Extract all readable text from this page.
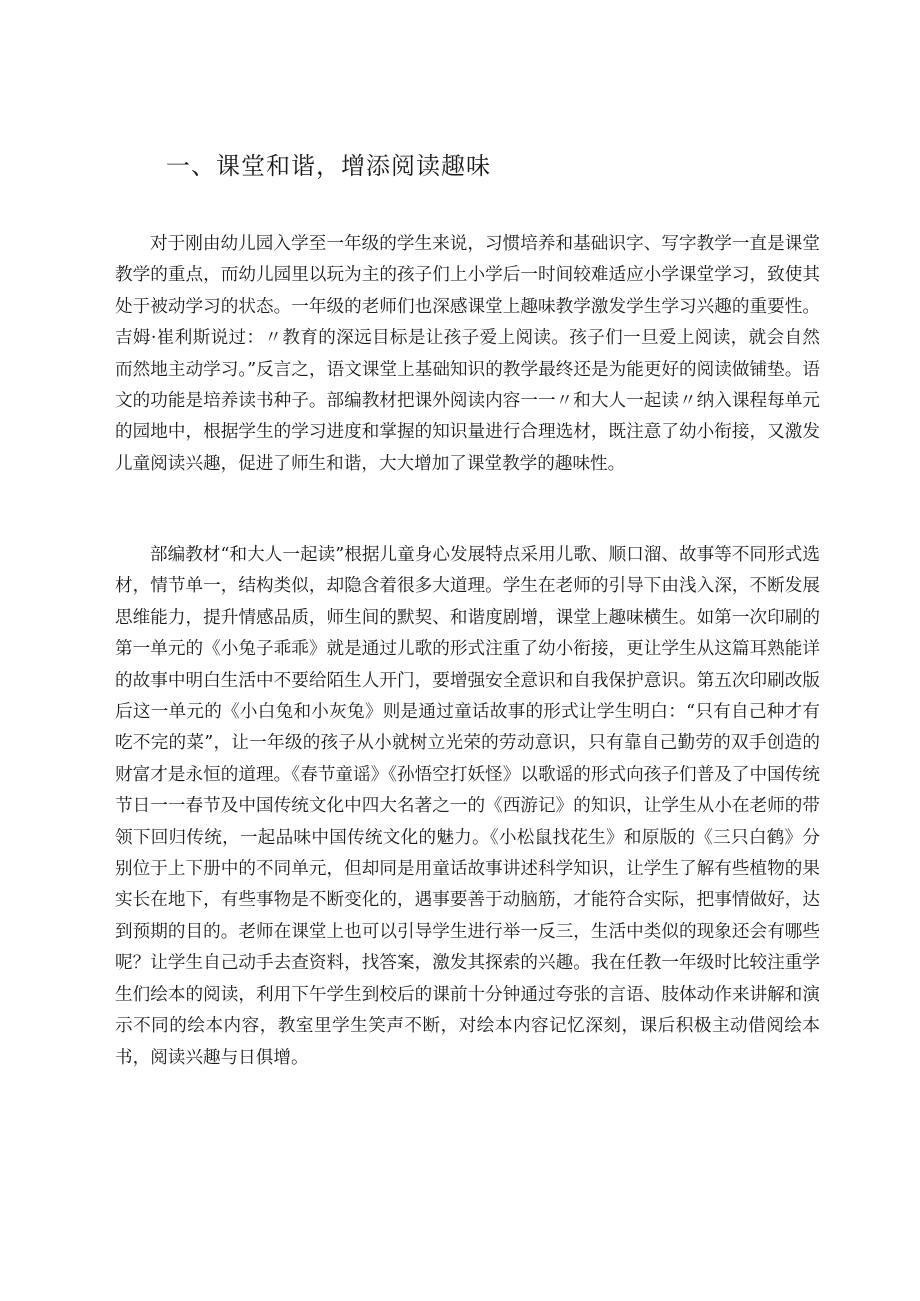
一、课堂和谐，增添阅读趣味

对于刚由幼儿园入学至一年级的学生来说，习惯培养和基础识字、写字教学一直是课堂教学的重点，而幼儿园里以玩为主的孩子们上小学后一时间较难适应小学课堂学习，致使其处于被动学习的状态。一年级的老师们也深感课堂上趣味教学激发学生学习兴趣的重要性。吉姆·崔利斯说过：〃教育的深远目标是让孩子爱上阅读。孩子们一旦爱上阅读，就会自然而然地主动学习。”反言之，语文课堂上基础知识的教学最终还是为能更好的阅读做铺垫。语文的功能是培养读书种子。部编教材把课外阅读内容一一〃和大人一起读〃纳入课程每单元的园地中，根据学生的学习进度和掌握的知识量进行合理选材，既注意了幼小衔接，又激发儿童阅读兴趣，促进了师生和谐，大大增加了课堂教学的趣味性。

部编教材“和大人一起读”根据儿童身心发展特点采用儿歌、顺口溜、故事等不同形式选材，情节单一，结构类似，却隐含着很多大道理。学生在老师的引导下由浅入深，不断发展思维能力，提升情感品质，师生间的默契、和谐度剧增，课堂上趣味横生。如第一次印刷的第一单元的《小兔子乖乖》就是通过儿歌的形式注重了幼小衔接，更让学生从这篇耳熟能详的故事中明白生活中不要给陌生人开门，要增强安全意识和自我保护意识。第五次印刷改版后这一单元的《小白兔和小灰兔》则是通过童话故事的形式让学生明白：“只有自己种才有吃不完的菜”，让一年级的孩子从小就树立光荣的劳动意识，只有靠自己勤劳的双手创造的财富才是永恒的道理。《春节童谣》《孙悟空打妖怪》以歌谣的形式向孩子们普及了中国传统节日一一春节及中国传统文化中四大名著之一的《西游记》的知识，让学生从小在老师的带领下回归传统，一起品味中国传统文化的魅力。《小松鼠找花生》和原版的《三只白鹤》分别位于上下册中的不同单元，但却同是用童话故事讲述科学知识，让学生了解有些植物的果实长在地下，有些事物是不断变化的，遇事要善于动脑筋，才能符合实际，把事情做好，达到预期的目的。老师在课堂上也可以引导学生进行举一反三，生活中类似的现象还会有哪些呢？让学生自己动手去查资料，找答案，激发其探索的兴趣。我在任教一年级时比较注重学生们绘本的阅读，利用下午学生到校后的课前十分钟通过夸张的言语、肢体动作来讲解和演示不同的绘本内容，教室里学生笑声不断，对绘本内容记忆深刻，课后积极主动借阅绘本书，阅读兴趣与日俱增。
